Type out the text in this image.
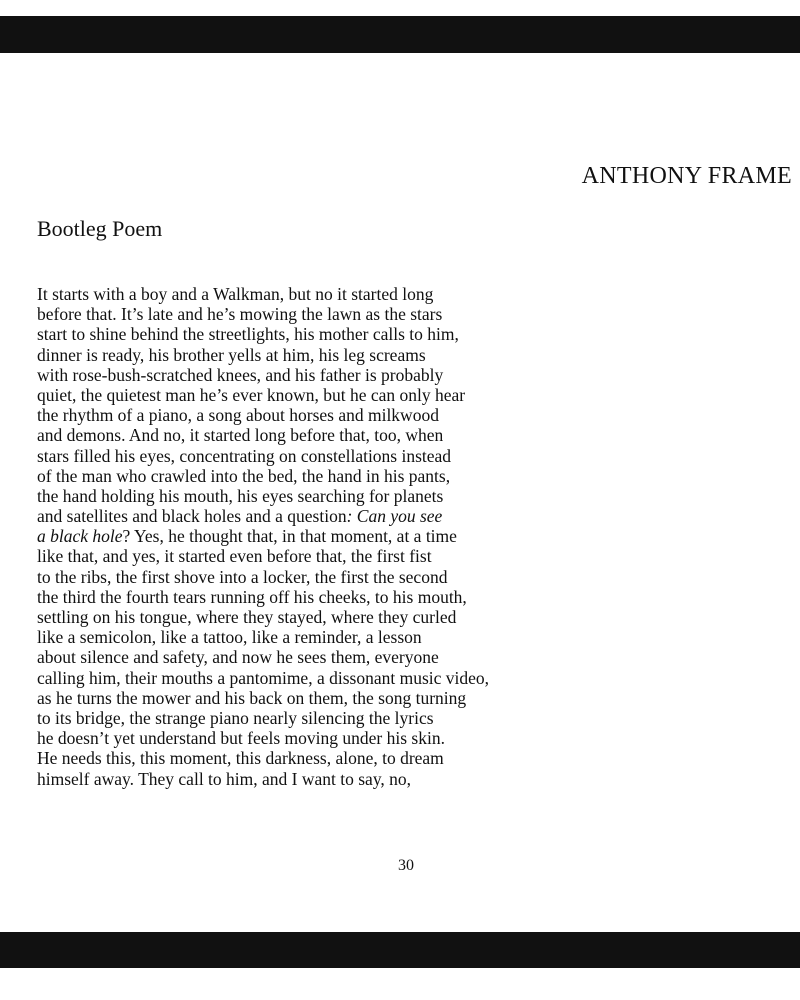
ANTHONY FRAME
Bootleg Poem
It starts with a boy and a Walkman, but no it started long
before that. It’s late and he’s mowing the lawn as the stars
start to shine behind the streetlights, his mother calls to him,
dinner is ready, his brother yells at him, his leg screams
with rose-bush-scratched knees, and his father is probably
quiet, the quietest man he’s ever known, but he can only hear
the rhythm of a piano, a song about horses and milkwood
and demons. And no, it started long before that, too, when
stars filled his eyes, concentrating on constellations instead
of the man who crawled into the bed, the hand in his pants,
the hand holding his mouth, his eyes searching for planets
and satellites and black holes and a question: Can you see
a black hole? Yes, he thought that, in that moment, at a time
like that, and yes, it started even before that, the first fist
to the ribs, the first shove into a locker, the first the second
the third the fourth tears running off his cheeks, to his mouth,
settling on his tongue, where they stayed, where they curled
like a semicolon, like a tattoo, like a reminder, a lesson
about silence and safety, and now he sees them, everyone
calling him, their mouths a pantomime, a dissonant music video,
as he turns the mower and his back on them, the song turning
to its bridge, the strange piano nearly silencing the lyrics
he doesn’t yet understand but feels moving under his skin.
He needs this, this moment, this darkness, alone, to dream
himself away. They call to him, and I want to say, no,
30
